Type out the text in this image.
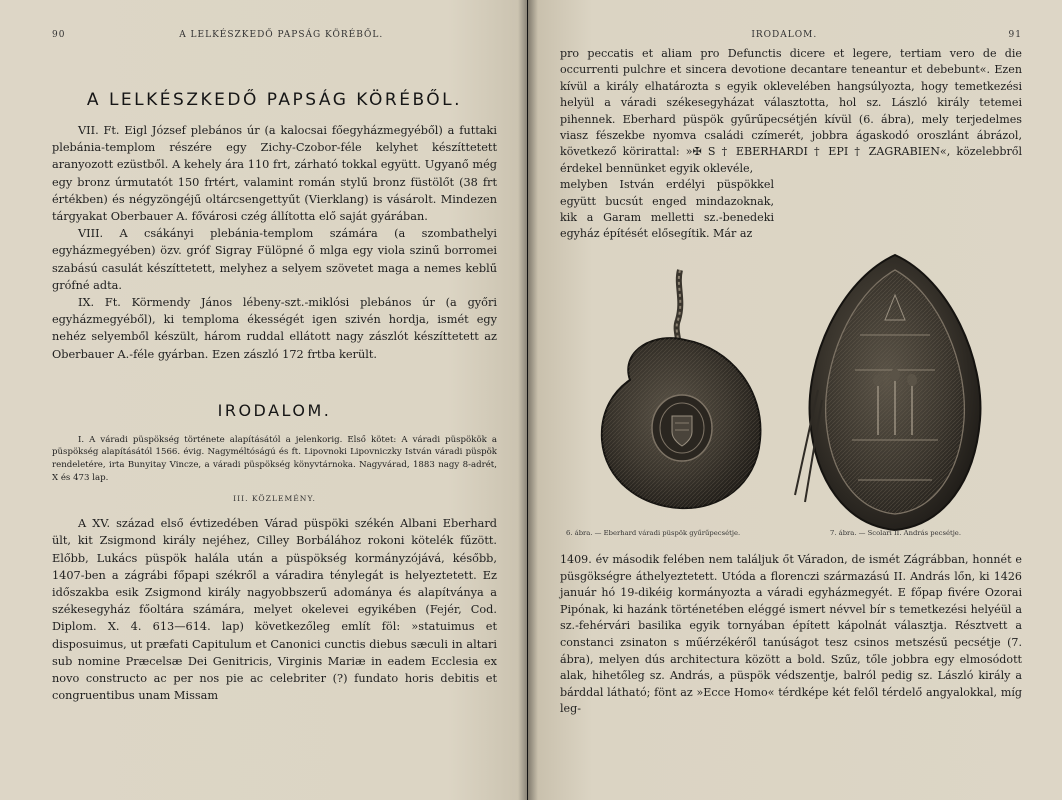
90	A LELKÉSZKEDŐ PAPSÁG KÖRÉBŐL.
A LELKÉSZKEDŐ PAPSÁG KÖRÉBŐL.

VII. Ft. Eigl József plebános úr (a kalocsai főegyházmegyéből) a futtaki plebánia-templom részére egy Zichy-Czobor-féle kelyhet készíttetett aranyozott ezüstből. A kehely ára 110 frt, zárható tokkal együtt. Ugyanő még egy bronz úrmutatót 150 frtért, valamint román stylű bronz füstölőt (38 frt értékben) és négyzöngéjű oltárcsengettyűt (Vierklang) is vásárolt. Mindezen tárgyakat Oberbauer A. fővárosi czég állította elő saját gyárában.

VIII. A csákányi plebánia-templom számára (a szombathelyi egyházmegyében) özv. gróf Sigray Fülöpné ő mlga egy viola szinű borromei szabású casulát készíttetett, melyhez a selyem szövetet maga a nemes keblű grófné adta.

IX. Ft. Körmendy János lébeny-szt.-miklósi plebános úr (a győri egyházmegyéből), ki temploma ékességét igen szivén hordja, ismét egy nehéz selyemből készült, három ruddal ellátott nagy zászlót készíttetett az Oberbauer A.-féle gyárban. Ezen zászló 172 frtba került.

IRODALOM.

I. A váradi püspökség története alapításától a jelenkorig. Első kötet: A váradi püspökök a püspökség alapításától 1566. évig. Nagyméltóságú és ft. Lipovnoki Lipovniczky István váradi püspök rendeletére, irta Bunyitay Vincze, a váradi püspökség könyvtárnoka. Nagyvárad, 1883 nagy 8-adrét, X és 473 lap.

III. KÖZLEMÉNY.

A XV. század első évtizedében Várad püspöki székén Albani Eberhard ült, kit Zsigmond király nejéhez, Cilley Borbálához rokoni kötelék fűzött. Előbb, Lukács püspök halála után a püspökség kormányzójává, később, 1407-ben a zágrábi főpapi székről a váradira ténylegát is helyeztetett. Ez időszakba esik Zsigmond király nagyobbszerű adományа és alapítványa a székesegyház főoltára számára, melyet okelevei egyikében (Fejér, Cod. Diplom. X. 4. 613—614. lap) következőleg említ föl: »statuimus et disposuimus, ut præfati Capitulum et Canonici cunctis diebus sæculi in altari sub nomine Præcelsæ Dei Genitricis, Virginis Mariæ in eadem Ecclesia ex novo constructo ac per nos pie ac celebriter (?) fundato horis debitis et congruentibus unam Missam

IRODALOM.	91

pro peccatis et aliam pro Defunctis dicere et legere, tertiam vero de die occurrenti pulchre et sincera devotione decantare teneantur et debebunt«. Ezen kívül a király elhatározta s egyik oklevelében hangsúlyozta, hogy temetkezési helyül a váradi székesegyházat választotta, hol sz. László király tetemei pihennek. Eberhard püspök gyűrűpecsétjén kívül (6. ábra), mely terjedelmes viasz fészekbe nyomva családi czímerét, jobbra ágaskodó oroszlánt ábrázol, következő körirattal: »✠ S † EBERHARDI † EPI † ZAGRABIEN«, közelebbről érdekel bennünket egyik oklevéle,

melyben István erdélyi püspökkel együtt bucsút enged mindazoknak, kik a Garam melletti sz.-benedeki egyház építését elősegítik. Már az

6. ábra. — Eberhard váradi püspök gyűrűpecsétje.	7. ábra. — Scolari II. András pecsétje.

1409. év második felében nem találjuk őt Váradon, de ismét Zágrábban, honnét e püsgökségre áthelyeztetett. Utóda a florenczi származású II. András lőn, ki 1426 január hó 19-dikéig kormányozta a váradi egyházmegyét. E főpap fivére Ozorai Pipónak, ki hazánk történetében eléggé ismert névvel bír s temetkezési helyéül a sz.-fehérvári basilika egyik tornyában épített kápolnát választja. Résztvett a constanci zsinaton s műérzékéről tanúságot tesz csinos metszésű pecsétje (7. ábra), melyen dús architectura között a bold. Szűz, tőle jobbra egy elmosódott alak, hihetőleg sz. András, a püspök védszentje, balról pedig sz. László király a bárddal látható; fönt az »Ecce Homo« térdképe két felől térdelő angyalokkal, míg leg-
